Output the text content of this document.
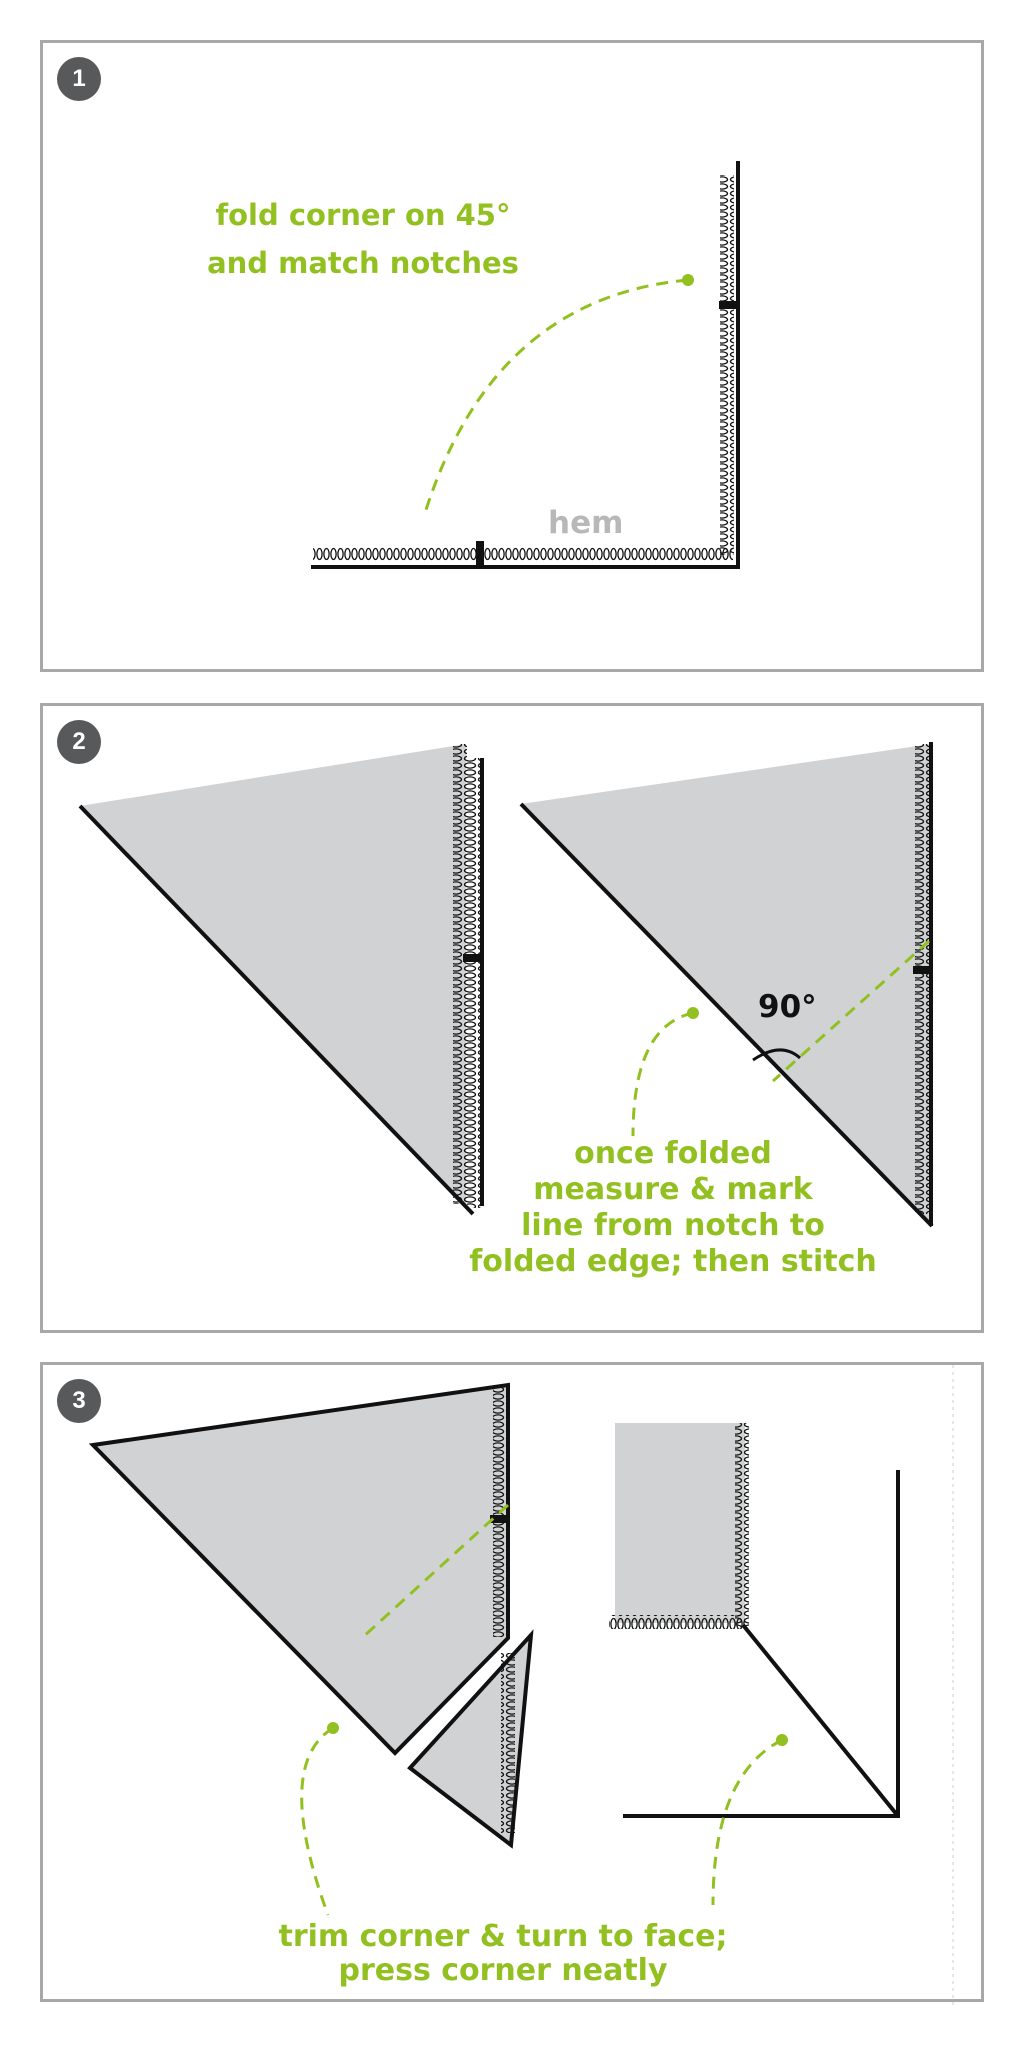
1
fold corner on 45°
and match notches
hem
2
90°
once folded
measure & mark
line from notch to
folded edge; then stitch
3
trim corner & turn to face;
press corner neatly
